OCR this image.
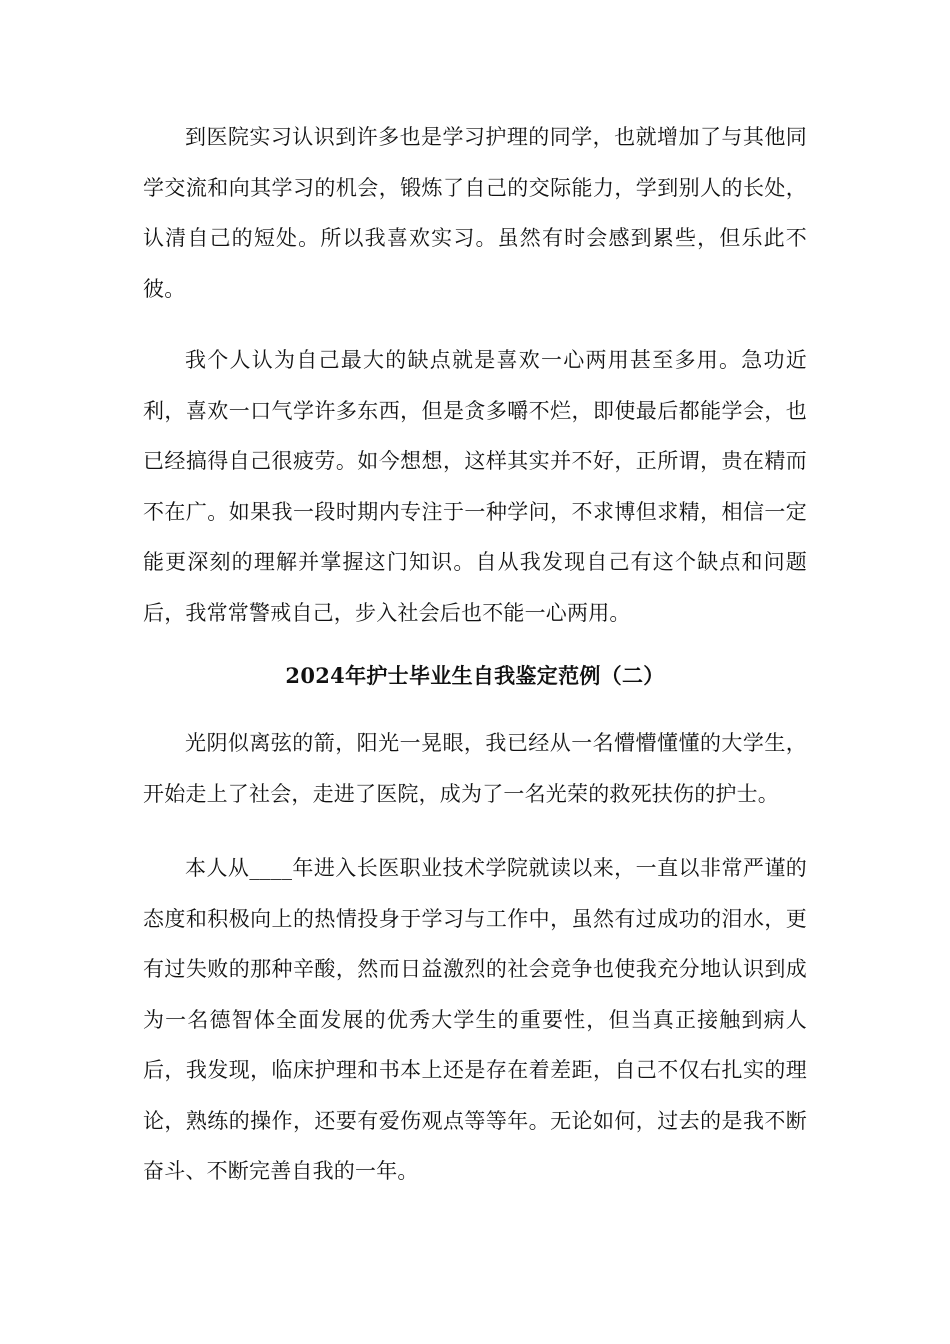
到医院实习认识到许多也是学习护理的同学，也就增加了与其他同学交流和向其学习的机会，锻炼了自己的交际能力，学到别人的长处，认清自己的短处。所以我喜欢实习。虽然有时会感到累些，但乐此不彼。

我个人认为自己最大的缺点就是喜欢一心两用甚至多用。急功近利，喜欢一口气学许多东西，但是贪多嚼不烂，即使最后都能学会，也已经搞得自己很疲劳。如今想想，这样其实并不好，正所谓，贵在精而不在广。如果我一段时期内专注于一种学问，不求博但求精，相信一定能更深刻的理解并掌握这门知识。自从我发现自己有这个缺点和问题后，我常常警戒自己，步入社会后也不能一心两用。

2024年护士毕业生自我鉴定范例（二）

光阴似离弦的箭，阳光一晃眼，我已经从一名懵懵懂懂的大学生，开始走上了社会，走进了医院，成为了一名光荣的救死扶伤的护士。

本人从____年进入长医职业技术学院就读以来，一直以非常严谨的态度和积极向上的热情投身于学习与工作中，虽然有过成功的泪水，更有过失败的那种辛酸，然而日益激烈的社会竞争也使我充分地认识到成为一名德智体全面发展的优秀大学生的重要性，但当真正接触到病人后，我发现，临床护理和书本上还是存在着差距，自己不仅右扎实的理论，熟练的操作，还要有爱伤观点等等年。无论如何，过去的是我不断奋斗、不断完善自我的一年。
